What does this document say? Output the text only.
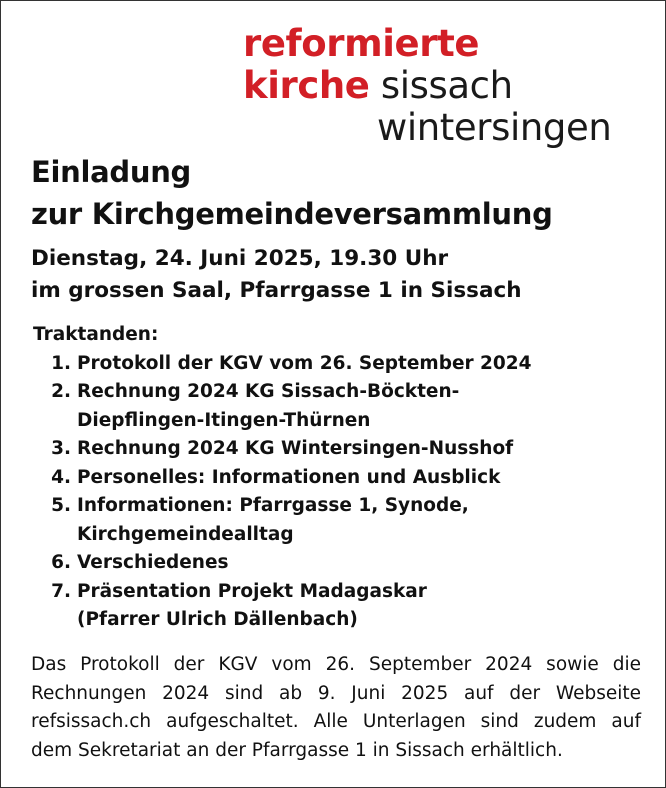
reformierte
kirche sissach
wintersingen
Einladung
zur Kirchgemeindeversammlung
Dienstag, 24. Juni 2025, 19.30 Uhr
im grossen Saal, Pfarrgasse 1 in Sissach
Traktanden:
1. Protokoll der KGV vom 26. September 2024
2. Rechnung 2024 KG Sissach-Böckten-
Diepflingen-Itingen-Thürnen
3. Rechnung 2024 KG Wintersingen-Nusshof
4. Personelles: Informationen und Ausblick
5. Informationen: Pfarrgasse 1, Synode,
Kirchgemeindealltag
6. Verschiedenes
7. Präsentation Projekt Madagaskar
(Pfarrer Ulrich Dällenbach)
Das Protokoll der KGV vom 26. September 2024 sowie die
Rechnungen 2024 sind ab 9. Juni 2025 auf der Webseite
refsissach.ch aufgeschaltet. Alle Unterlagen sind zudem auf
dem Sekretariat an der Pfarrgasse 1 in Sissach erhältlich.
